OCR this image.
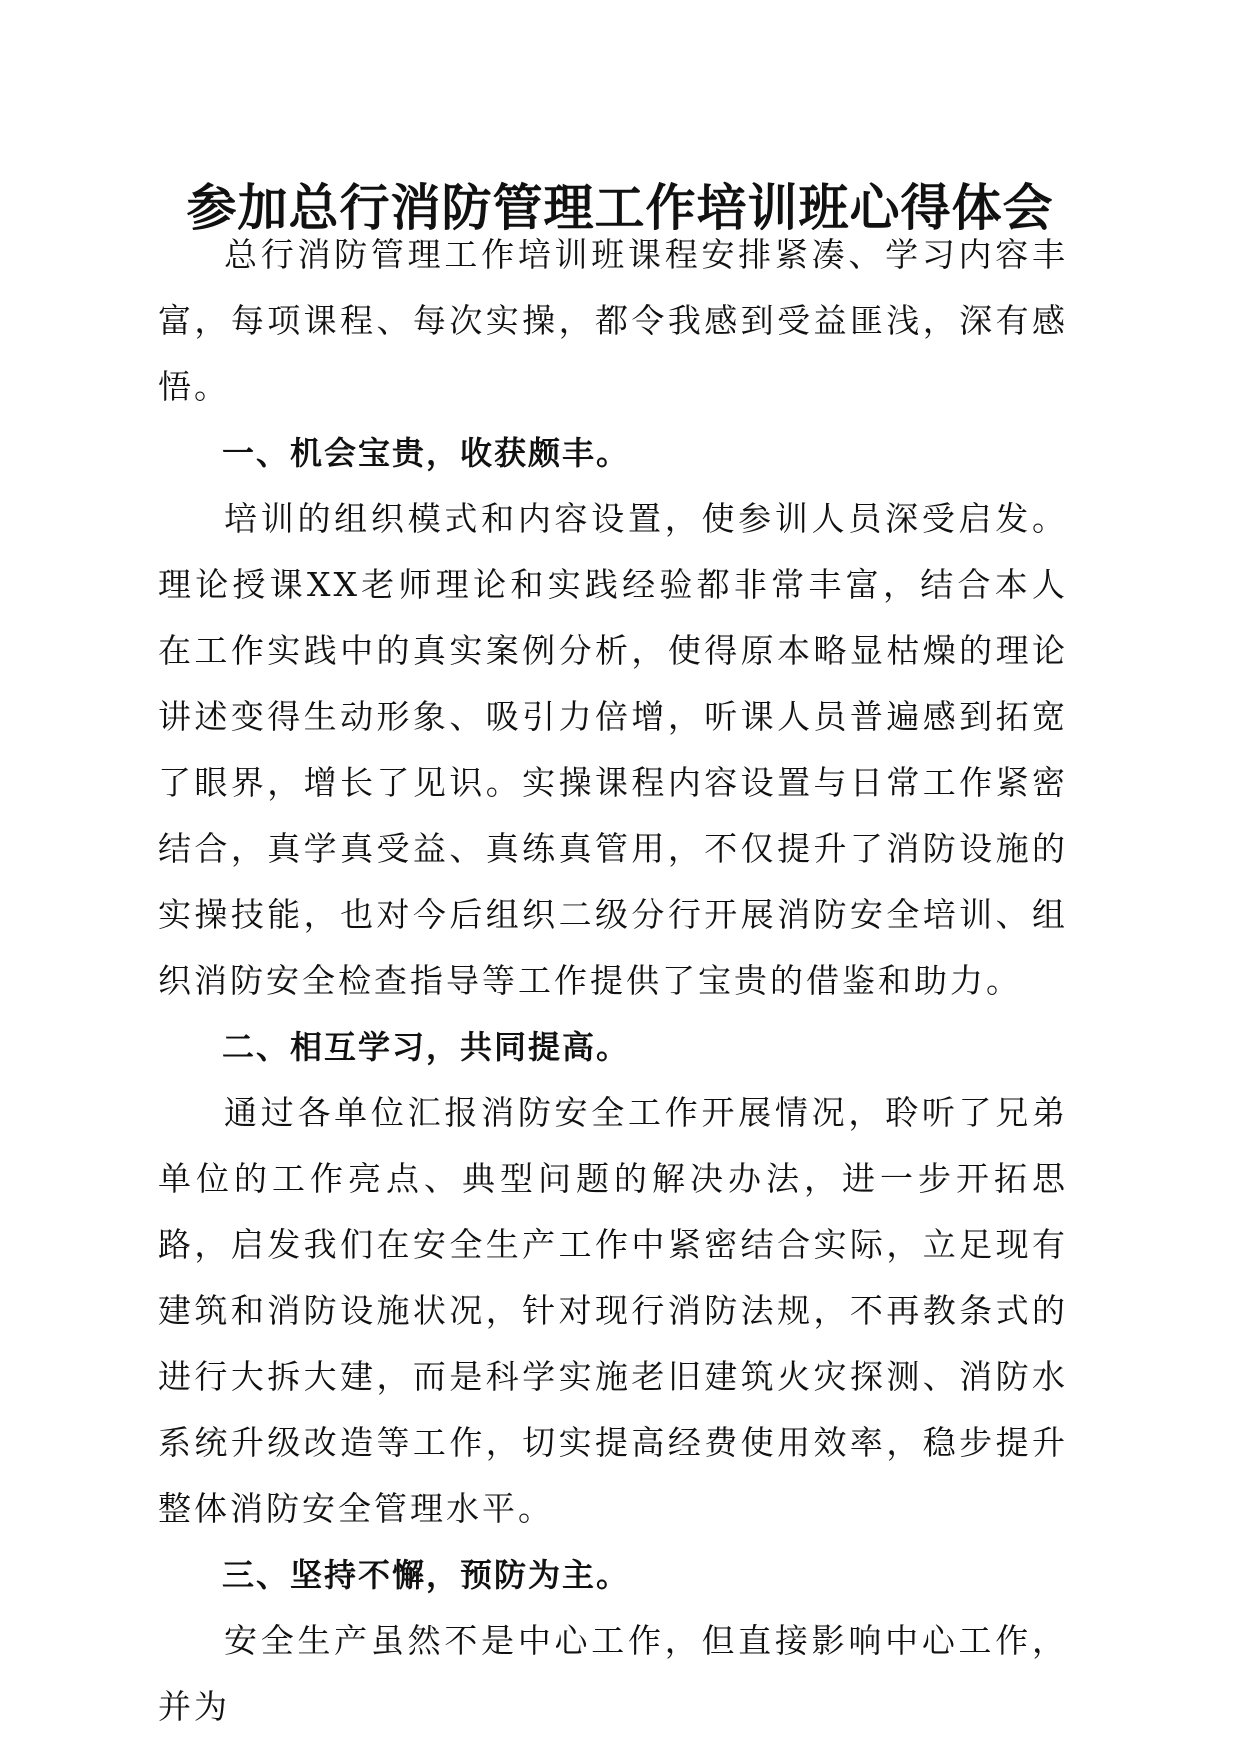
参加总行消防管理工作培训班心得体会

总行消防管理工作培训班课程安排紧凑、学习内容丰富，每项课程、每次实操，都令我感到受益匪浅，深有感悟。

一、机会宝贵，收获颇丰。

培训的组织模式和内容设置，使参训人员深受启发。理论授课XX老师理论和实践经验都非常丰富，结合本人在工作实践中的真实案例分析，使得原本略显枯燥的理论讲述变得生动形象、吸引力倍增，听课人员普遍感到拓宽了眼界，增长了见识。实操课程内容设置与日常工作紧密结合，真学真受益、真练真管用，不仅提升了消防设施的实操技能，也对今后组织二级分行开展消防安全培训、组织消防安全检查指导等工作提供了宝贵的借鉴和助力。

二、相互学习，共同提高。

通过各单位汇报消防安全工作开展情况，聆听了兄弟单位的工作亮点、典型问题的解决办法，进一步开拓思路，启发我们在安全生产工作中紧密结合实际，立足现有建筑和消防设施状况，针对现行消防法规，不再教条式的进行大拆大建，而是科学实施老旧建筑火灾探测、消防水系统升级改造等工作，切实提高经费使用效率，稳步提升整体消防安全管理水平。

三、坚持不懈，预防为主。

安全生产虽然不是中心工作，但直接影响中心工作，并为
